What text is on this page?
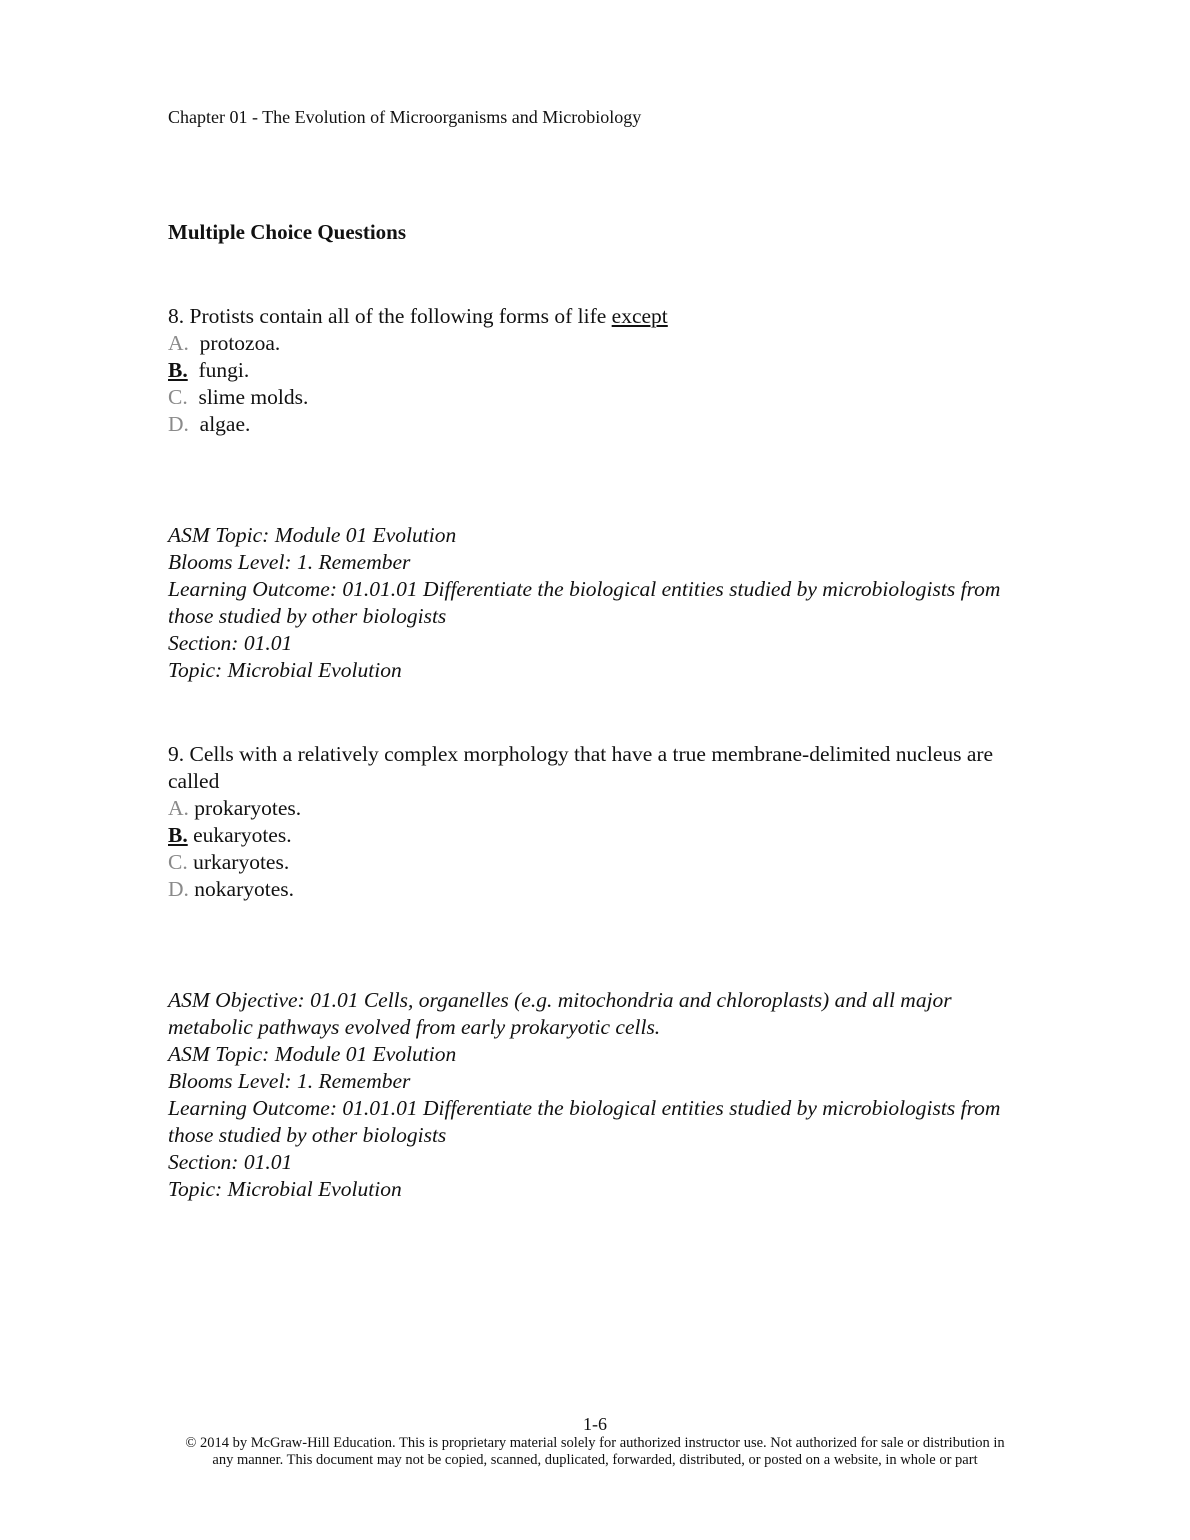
Chapter 01 - The Evolution of Microorganisms and Microbiology
Multiple Choice Questions
8. Protists contain all of the following forms of life except
A. protozoa.
B. fungi.
C. slime molds.
D. algae.
ASM Topic: Module 01 Evolution
Blooms Level: 1. Remember
Learning Outcome: 01.01.01 Differentiate the biological entities studied by microbiologists from those studied by other biologists
Section: 01.01
Topic: Microbial Evolution
9. Cells with a relatively complex morphology that have a true membrane-delimited nucleus are called
A. prokaryotes.
B. eukaryotes.
C. urkaryotes.
D. nokaryotes.
ASM Objective: 01.01 Cells, organelles (e.g. mitochondria and chloroplasts) and all major metabolic pathways evolved from early prokaryotic cells.
ASM Topic: Module 01 Evolution
Blooms Level: 1. Remember
Learning Outcome: 01.01.01 Differentiate the biological entities studied by microbiologists from those studied by other biologists
Section: 01.01
Topic: Microbial Evolution
1-6
© 2014 by McGraw-Hill Education. This is proprietary material solely for authorized instructor use. Not authorized for sale or distribution in
any manner. This document may not be copied, scanned, duplicated, forwarded, distributed, or posted on a website, in whole or part
